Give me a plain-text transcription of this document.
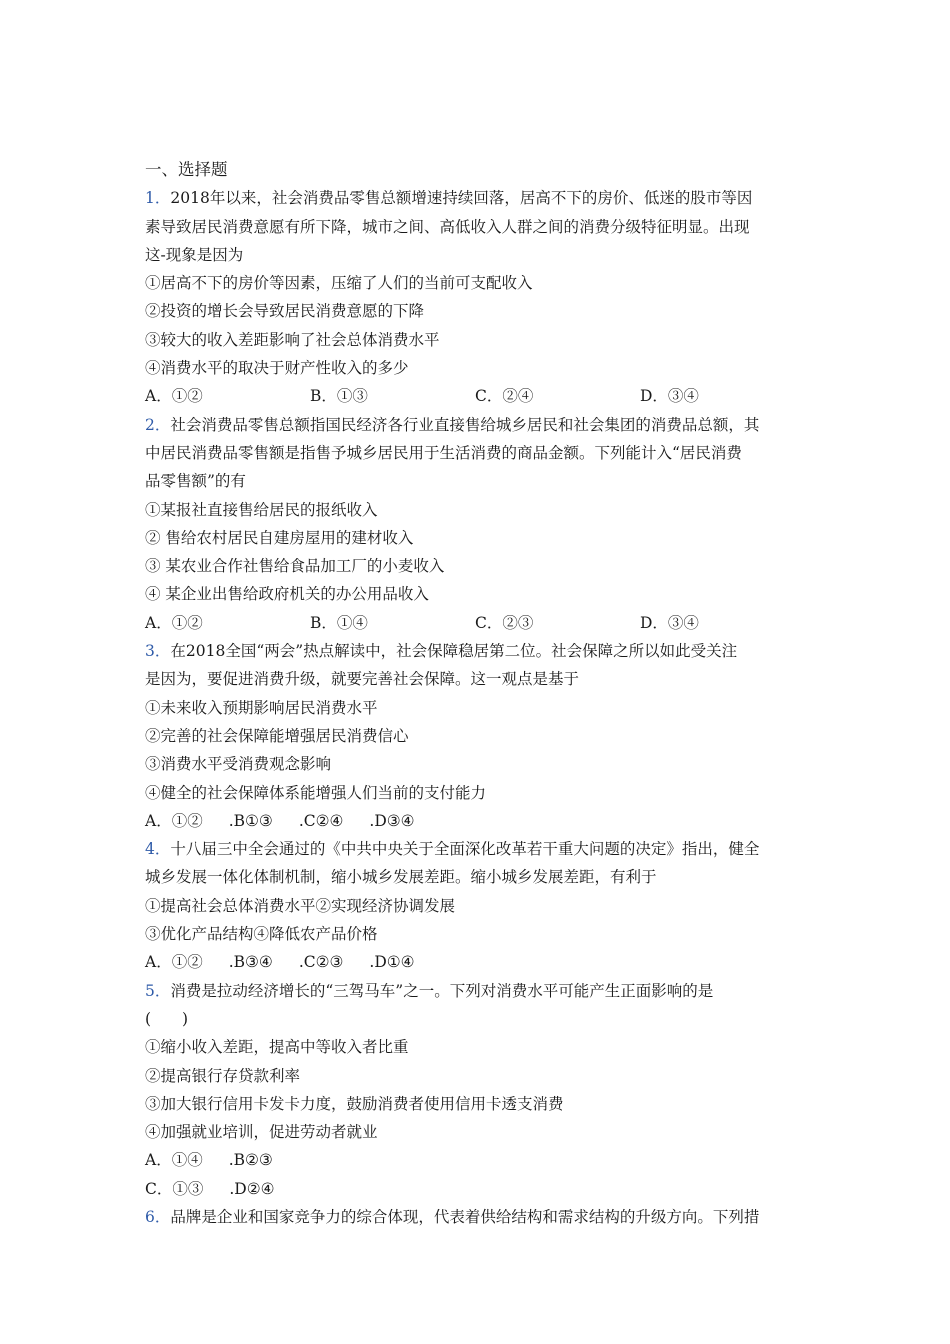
一、选择题
1．2018年以来，社会消费品零售总额增速持续回落，居高不下的房价、低迷的股市等因
素导致居民消费意愿有所下降，城市之间、高低收入人群之间的消费分级特征明显。出现
这-现象是因为
①居高不下的房价等因素，压缩了人们的当前可支配收入
②投资的增长会导致居民消费意愿的下降
③较大的收入差距影响了社会总体消费水平
④消费水平的取决于财产性收入的多少
A．①②	B．①③	C．②④	D．③④
2．社会消费品零售总额指国民经济各行业直接售给城乡居民和社会集团的消费品总额，其
中居民消费品零售额是指售予城乡居民用于生活消费的商品金额。下列能计入“居民消费
品零售额”的有
①某报社直接售给居民的报纸收入
② 售给农村居民自建房屋用的建材收入
③ 某农业合作社售给食品加工厂的小麦收入
④ 某企业出售给政府机关的办公用品收入
A．①②	B．①④	C．②③	D．③④
3．在2018全国“两会”热点解读中，社会保障稳居第二位。社会保障之所以如此受关注
是因为，要促进消费升级，就要完善社会保障。这一观点是基于
①未来收入预期影响居民消费水平
②完善的社会保障能增强居民消费信心
③消费水平受消费观念影响
④健全的社会保障体系能增强人们当前的支付能力
A．①② .B①③ .C②④ .D③④
4．十八届三中全会通过的《中共中央关于全面深化改革若干重大问题的决定》指出，健全
城乡发展一体化体制机制，缩小城乡发展差距。缩小城乡发展差距，有利于
①提高社会总体消费水平②实现经济协调发展
③优化产品结构④降低农产品价格
A．①② .B③④ .C②③ .D①④
5．消费是拉动经济增长的“三驾马车”之一。下列对消费水平可能产生正面影响的是
(　　)
①缩小收入差距，提高中等收入者比重
②提高银行存贷款利率
③加大银行信用卡发卡力度，鼓励消费者使用信用卡透支消费
④加强就业培训，促进劳动者就业
A．①④ .B②③
C．①③ .D②④
6．品牌是企业和国家竞争力的综合体现，代表着供给结构和需求结构的升级方向。下列措
